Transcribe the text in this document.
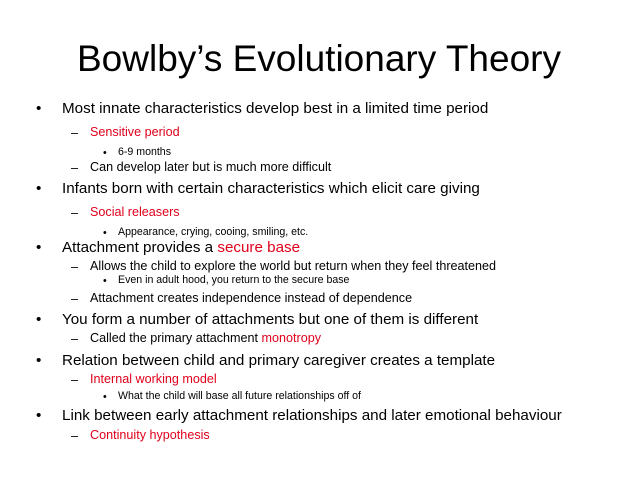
Bowlby’s Evolutionary Theory
• Most innate characteristics develop best in a limited time period
– Sensitive period
• 6-9 months
– Can develop later but is much more difficult
• Infants born with certain characteristics which elicit care giving
– Social releasers
• Appearance, crying, cooing, smiling, etc.
• Attachment provides a secure base
– Allows the child to explore the world but return when they feel threatened
• Even in adult hood, you return to the secure base
– Attachment creates independence instead of dependence
• You form a number of attachments but one of them is different
– Called the primary attachment monotropy
• Relation between child and primary caregiver creates a template
– Internal working model
• What the child will base all future relationships off of
• Link between early attachment relationships and later emotional behaviour
– Continuity hypothesis
